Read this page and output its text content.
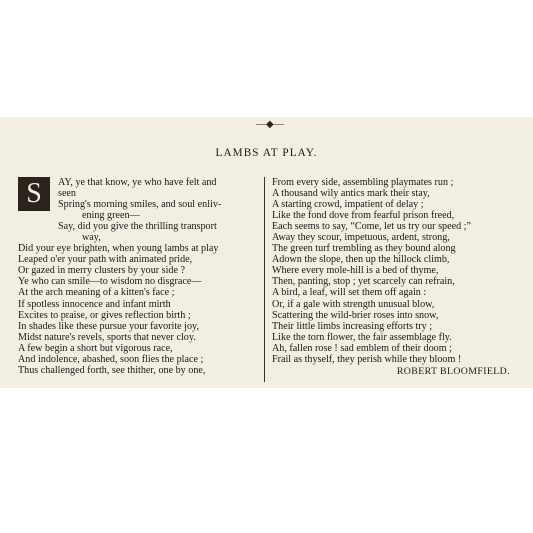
—◆—
LAMBS AT PLAY.
S	AY, ye that know, ye who have felt and
seen
Spring's morning smiles, and soul enliv-
ening green—
Say, did you give the thrilling transport
way,
Did your eye brighten, when young lambs at play
Leaped o'er your path with animated pride,
Or gazed in merry clusters by your side ?
Ye who can smile—to wisdom no disgrace—
At the arch meaning of a kitten's face ;
If spotless innocence and infant mirth
Excites to praise, or gives reflection birth ;
In shades like these pursue your favorite joy,
Midst nature's revels, sports that never cloy.
A few begin a short but vigorous race,
And indolence, abashed, soon flies the place ;
Thus challenged forth, see thither, one by one,
From every side, assembling playmates run ;
A thousand wily antics mark their stay,
A starting crowd, impatient of delay ;
Like the fond dove from fearful prison freed,
Each seems to say, “Come, let us try our speed ;”
Away they scour, impetuous, ardent, strong,
The green turf trembling as they bound along
Adown the slope, then up the hillock climb,
Where every mole-hill is a bed of thyme,
Then, panting, stop ; yet scarcely can refrain,
A bird, a leaf, will set them off again :
Or, if a gale with strength unusual blow,
Scattering the wild-brier roses into snow,
Their little limbs increasing efforts try ;
Like the torn flower, the fair assemblage fly.
Ah, fallen rose ! sad emblem of their doom ;
Frail as thyself, they perish while they bloom !
ROBERT BLOOMFIELD.
